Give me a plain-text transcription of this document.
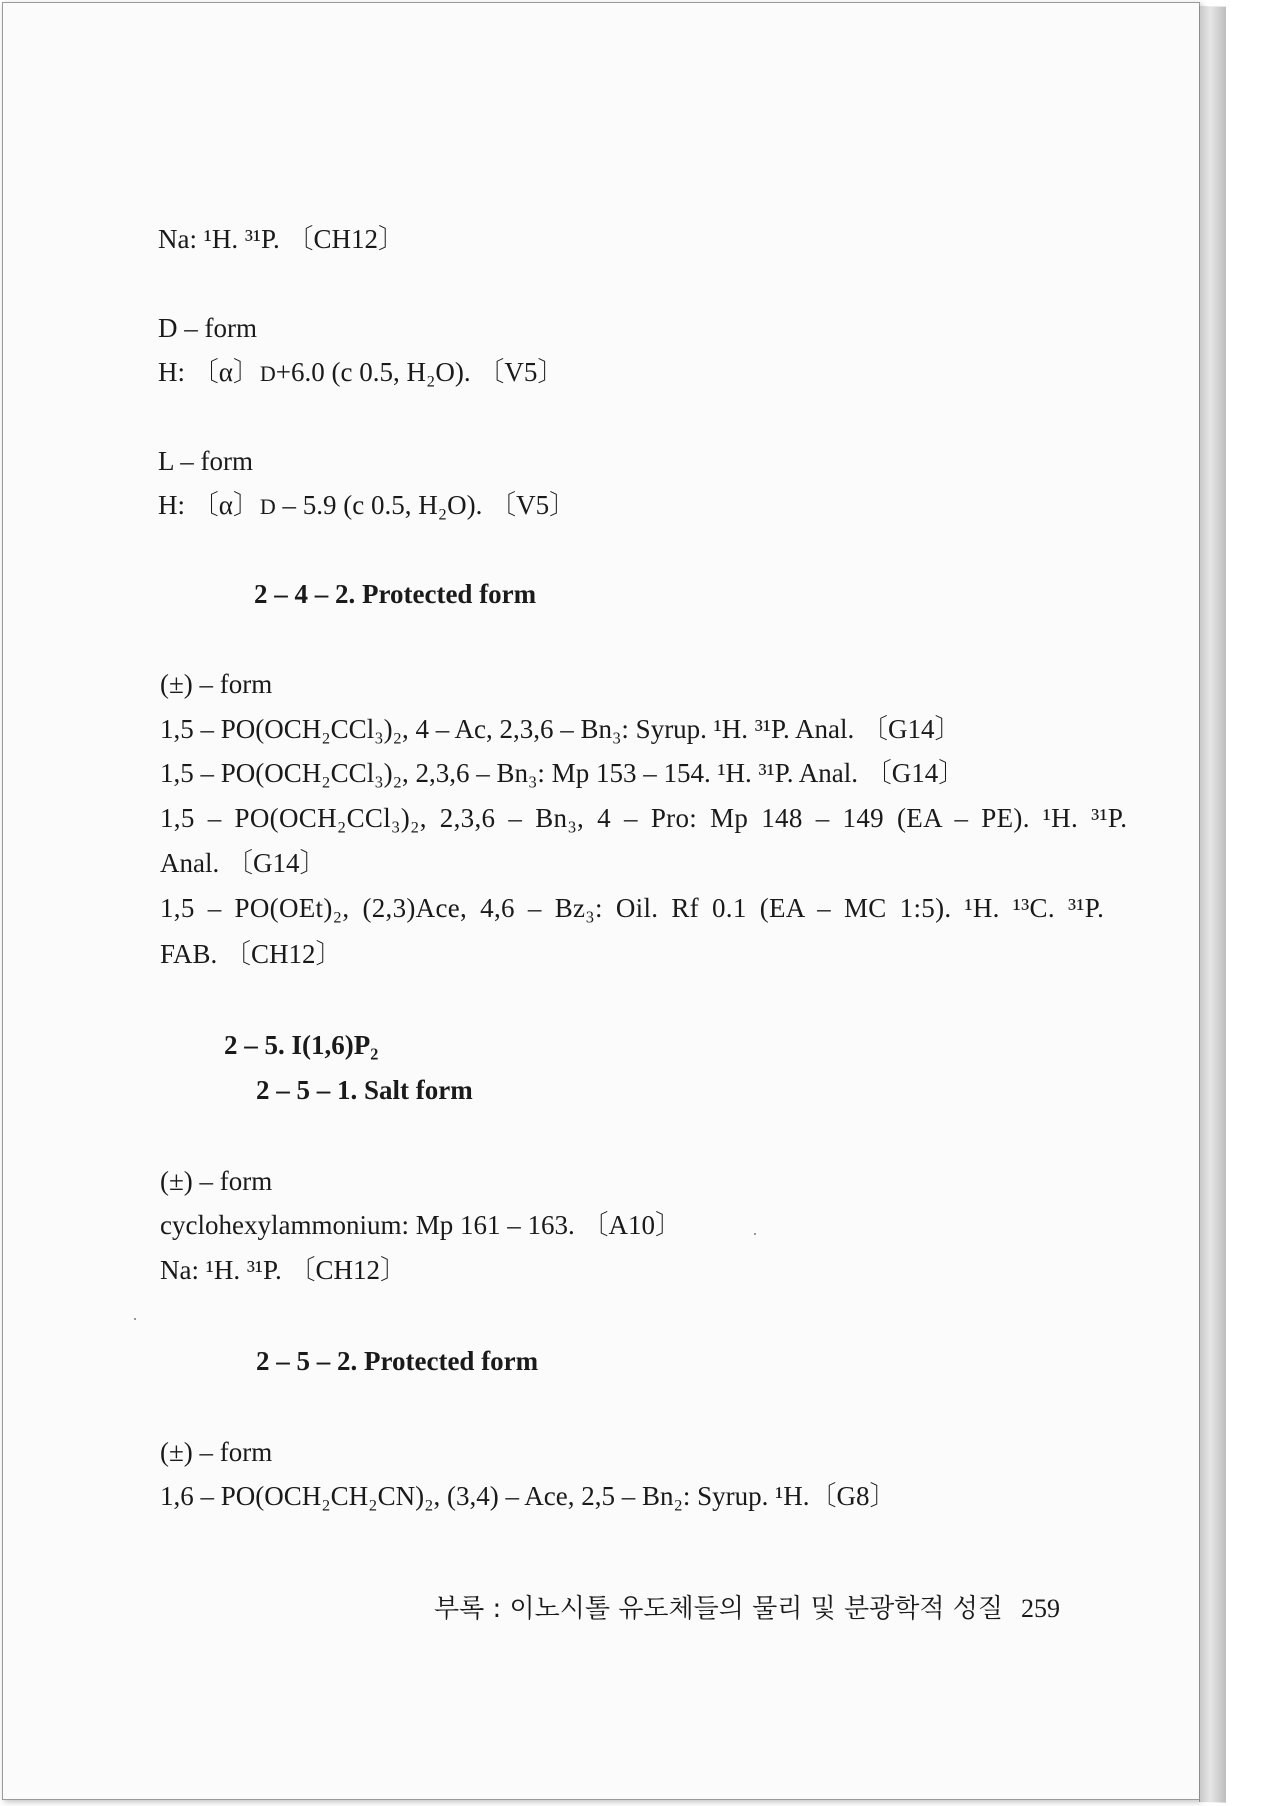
Na: ¹H. ³¹P. 〔CH12〕
D – form
H: 〔α〕D+6.0 (c 0.5, H₂O). 〔V5〕
L – form
H: 〔α〕D – 5.9 (c 0.5, H₂O). 〔V5〕
2 – 4 – 2. Protected form
(±) – form
1,5 – PO(OCH₂CCl₃)₂, 4 – Ac, 2,3,6 – Bn₃: Syrup. ¹H. ³¹P. Anal. 〔G14〕
1,5 – PO(OCH₂CCl₃)₂, 2,3,6 – Bn₃: Mp 153 – 154. ¹H. ³¹P. Anal. 〔G14〕
1,5 – PO(OCH₂CCl₃)₂, 2,3,6 – Bn₃, 4 – Pro: Mp 148 – 149 (EA – PE). ¹H. ³¹P.
Anal. 〔G14〕
1,5 – PO(OEt)₂, (2,3)Ace, 4,6 – Bz₃: Oil. Rf 0.1 (EA – MC 1:5). ¹H. ¹³C. ³¹P.
FAB. 〔CH12〕
2 – 5. I(1,6)P₂
2 – 5 – 1. Salt form
(±) – form
cyclohexylammonium: Mp 161 – 163. 〔A10〕
Na: ¹H. ³¹P. 〔CH12〕
2 – 5 – 2. Protected form
(±) – form
1,6 – PO(OCH₂CH₂CN)₂, (3,4) – Ace, 2,5 – Bn₂: Syrup. ¹H.〔G8〕
부록 : 이노시톨 유도체들의 물리 및 분광학적 성질 259
